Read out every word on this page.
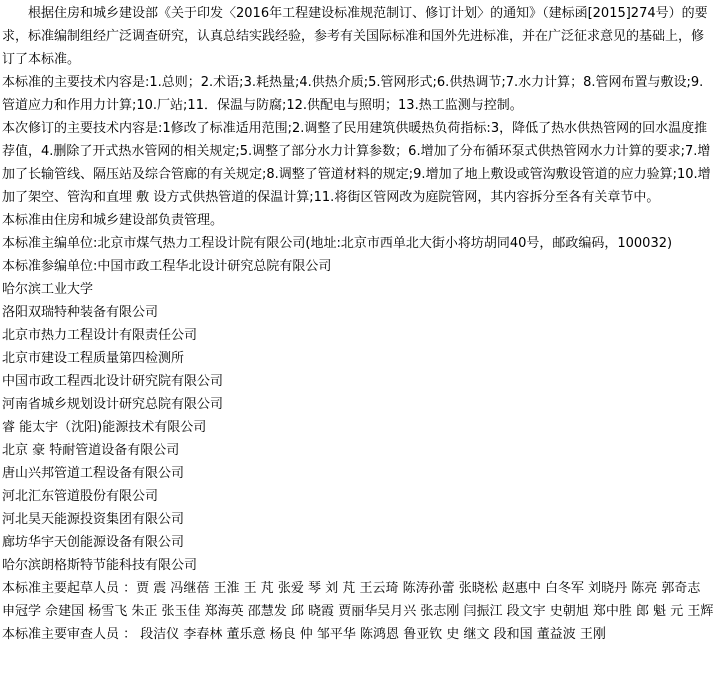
根据住房和城乡建设部《关于印发〈2016年工程建设标准规范制订、修订计划〉的通知》（建标函[2015]274号）的要求，标准编制组经广泛调查研究，认真总结实践经验，参考有关国际标准和国外先进标准，并在广泛征求意见的基础上，修订了本标准。

本标准的主要技术内容是:1.总则；2.术语;3.耗热量;4.供热介质;5.管网形式;6.供热调节;7.水力计算；8.管网布置与敷设;9.管道应力和作用力计算;10.厂站;11．保温与防腐;12.供配电与照明；13.热工监测与控制。

本次修订的主要技术内容是:1修改了标准适用范围;2.调整了民用建筑供暖热负荷指标:3，降低了热水供热管网的回水温度推荐值，4.删除了开式热水管网的相关规定;5.调整了部分水力计算参数；6.增加了分布循环泵式供热管网水力计算的要求;7.增加了长输管线、隔压站及综合管廊的有关规定;8.调整了管道材料的规定;9.增加了地上敷设或管沟敷设管道的应力验算;10.增加了架空、管沟和直埋 敷 设方式供热管道的保温计算;11.将街区管网改为庭院管网，其内容拆分至各有关章节中。

本标准由住房和城乡建设部负责管理。

本标准主编单位:北京市煤气热力工程设计院有限公司(地址:北京市西单北大街小将坊胡同40号，邮政编码，100032)

本标准参编单位:中国市政工程华北设计研究总院有限公司

哈尔滨工业大学

洛阳双瑞特种装备有限公司

北京市热力工程设计有限责任公司

北京市建设工程质量第四检测所

中国市政工程西北设计研究院有限公司

河南省城乡规划设计研究总院有限公司

睿 能太宇（沈阳)能源技术有限公司

北京 豪 特耐管道设备有限公司

唐山兴邦管道工程设备有限公司

河北汇东管道股份有限公司

河北昊天能源投资集团有限公司

廊坊华宇天创能源设备有限公司

哈尔滨朗格斯特节能科技有限公司

本标准主要起草人员 ：贾 震 冯继蓓 王淮 王 芃 张爱 琴 刘 芃 王云琦 陈涛孙蕾 张晓松 赵惠中 白冬军 刘晓丹 陈亮 郭奇志 申冠学 佘建国 杨雪飞 朱正 张玉佳 郑海英 邵慧发 邱 晓霞 贾丽华吴月兴 张志刚 闫振江 段文宇 史朝旭 郑中胜 郎 魁 元 王辉

本标准主要审查人员 ： 段洁仪 李春林 董乐意 杨良 仲 邹平华 陈鸿恩 鲁亚钦 史 继文 段和国 董益波 王刚
